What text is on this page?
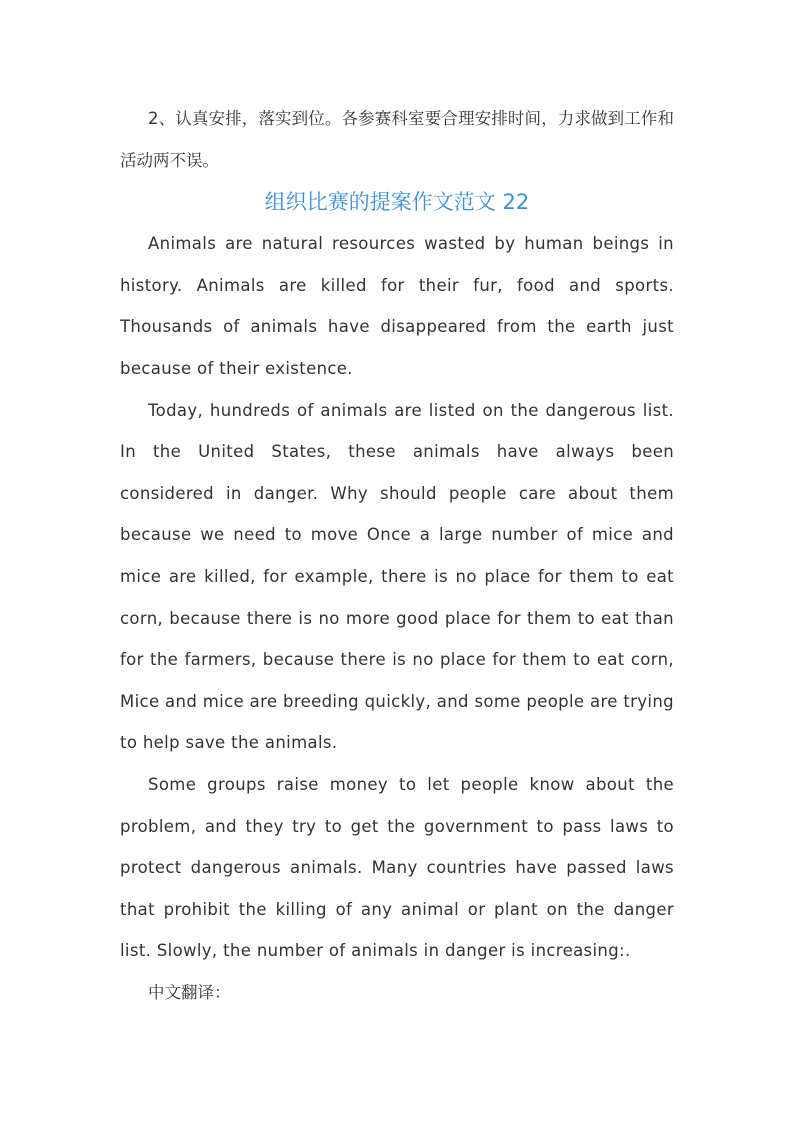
2、认真安排，落实到位。各参赛科室要合理安排时间，力求做到工作和活动两不误。

组织比赛的提案作文范文 22

Animals are natural resources wasted by human beings in history. Animals are killed for their fur, food and sports. Thousands of animals have disappeared from the earth just because of their existence.

Today, hundreds of animals are listed on the dangerous list. In the United States, these animals have always been considered in danger. Why should people care about them because we need to move Once a large number of mice and mice are killed, for example, there is no place for them to eat corn, because there is no more good place for them to eat than for the farmers, because there is no place for them to eat corn, Mice and mice are breeding quickly, and some people are trying to help save the animals.

Some groups raise money to let people know about the problem, and they try to get the government to pass laws to protect dangerous animals. Many countries have passed laws that prohibit the killing of any animal or plant on the danger list. Slowly, the number of animals in danger is increasing:.

中文翻译：
